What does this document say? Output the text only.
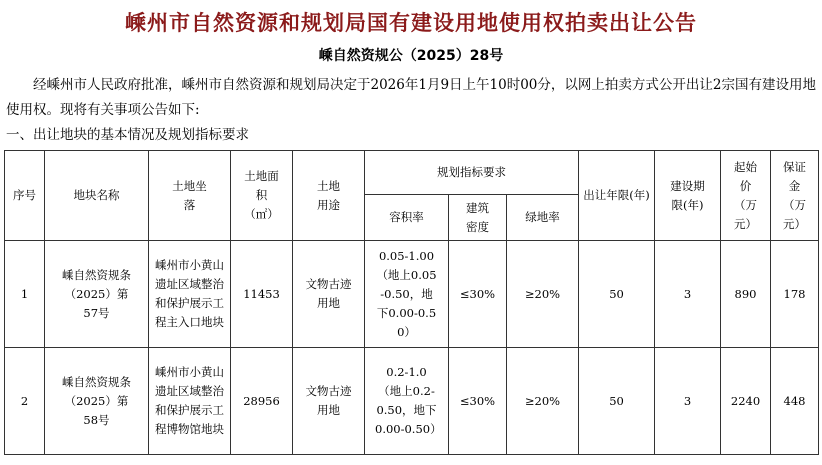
嵊州市自然资源和规划局国有建设用地使用权拍卖出让公告
嵊自然资规公（2025）28号
经嵊州市人民政府批准，嵊州市自然资源和规划局决定于2026年1月9日上午10时00分，以网上拍卖方式公开出让2宗国有建设用地使用权。现将有关事项公告如下:
一、出让地块的基本情况及规划指标要求
序号	地块名称	土地坐落	土地面积（㎡）	土地用途	规划指标要求			出让年限(年)	建设期限(年)	起始价（万元）	保证金（万元）
					容积率	建筑密度	绿地率				
1	嵊自然资规条（2025）第57号	嵊州市小黄山遗址区域整治和保护展示工程主入口地块	11453	文物古迹用地	0.05-1.00（地上0.05-0.50，地下0.00-0.50）	≤30%	≥20%	50	3	890	178
2	嵊自然资规条（2025）第58号	嵊州市小黄山遗址区域整治和保护展示工程博物馆地块	28956	文物古迹用地	0.2-1.0（地上0.2-0.50，地下0.00-0.50）	≤30%	≥20%	50	3	2240	448
